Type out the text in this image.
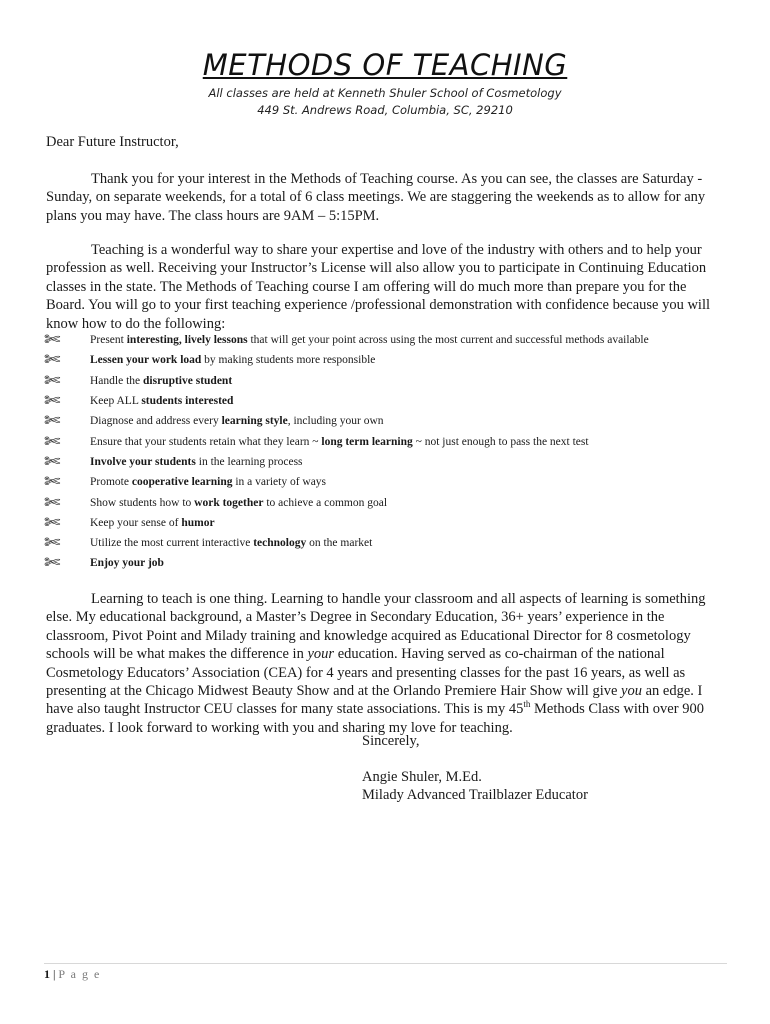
METHODS OF TEACHING
All classes are held at Kenneth Shuler School of Cosmetology
449 St. Andrews Road, Columbia, SC, 29210
Dear Future Instructor,

Thank you for your interest in the Methods of Teaching course. As you can see, the classes are Saturday - Sunday, on separate weekends, for a total of 6 class meetings. We are staggering the weekends as to allow for any plans you may have. The class hours are 9AM – 5:15PM.

Teaching is a wonderful way to share your expertise and love of the industry with others and to help your profession as well. Receiving your Instructor’s License will also allow you to participate in Continuing Education classes in the state. The Methods of Teaching course I am offering will do much more than prepare you for the Board. You will go to your first teaching experience /professional demonstration with confidence because you will know how to do the following:

✄	Present interesting, lively lessons that will get your point across using the most current and successful methods available
✄	Lessen your work load by making students more responsible
✄	Handle the disruptive student
✄	Keep ALL students interested
✄	Diagnose and address every learning style, including your own
✄	Ensure that your students retain what they learn ~ long term learning ~ not just enough to pass the next test
✄	Involve your students in the learning process
✄	Promote cooperative learning in a variety of ways
✄	Show students how to work together to achieve a common goal
✄	Keep your sense of humor
✄	Utilize the most current interactive technology on the market
✄	Enjoy your job

Learning to teach is one thing. Learning to handle your classroom and all aspects of learning is something else. My educational background, a Master’s Degree in Secondary Education, 36+ years’ experience in the classroom, Pivot Point and Milady training and knowledge acquired as Educational Director for 8 cosmetology schools will be what makes the difference in your education. Having served as co-chairman of the national Cosmetology Educators’ Association (CEA) for 4 years and presenting classes for the past 16 years, as well as presenting at the Chicago Midwest Beauty Show and at the Orlando Premiere Hair Show will give you an edge. I have also taught Instructor CEU classes for many state associations. This is my 45th Methods Class with over 900 graduates. I look forward to working with you and sharing my love for teaching.

Sincerely,
Angie Shuler, M.Ed.
Milady Advanced Trailblazer Educator
1 | P a g e
